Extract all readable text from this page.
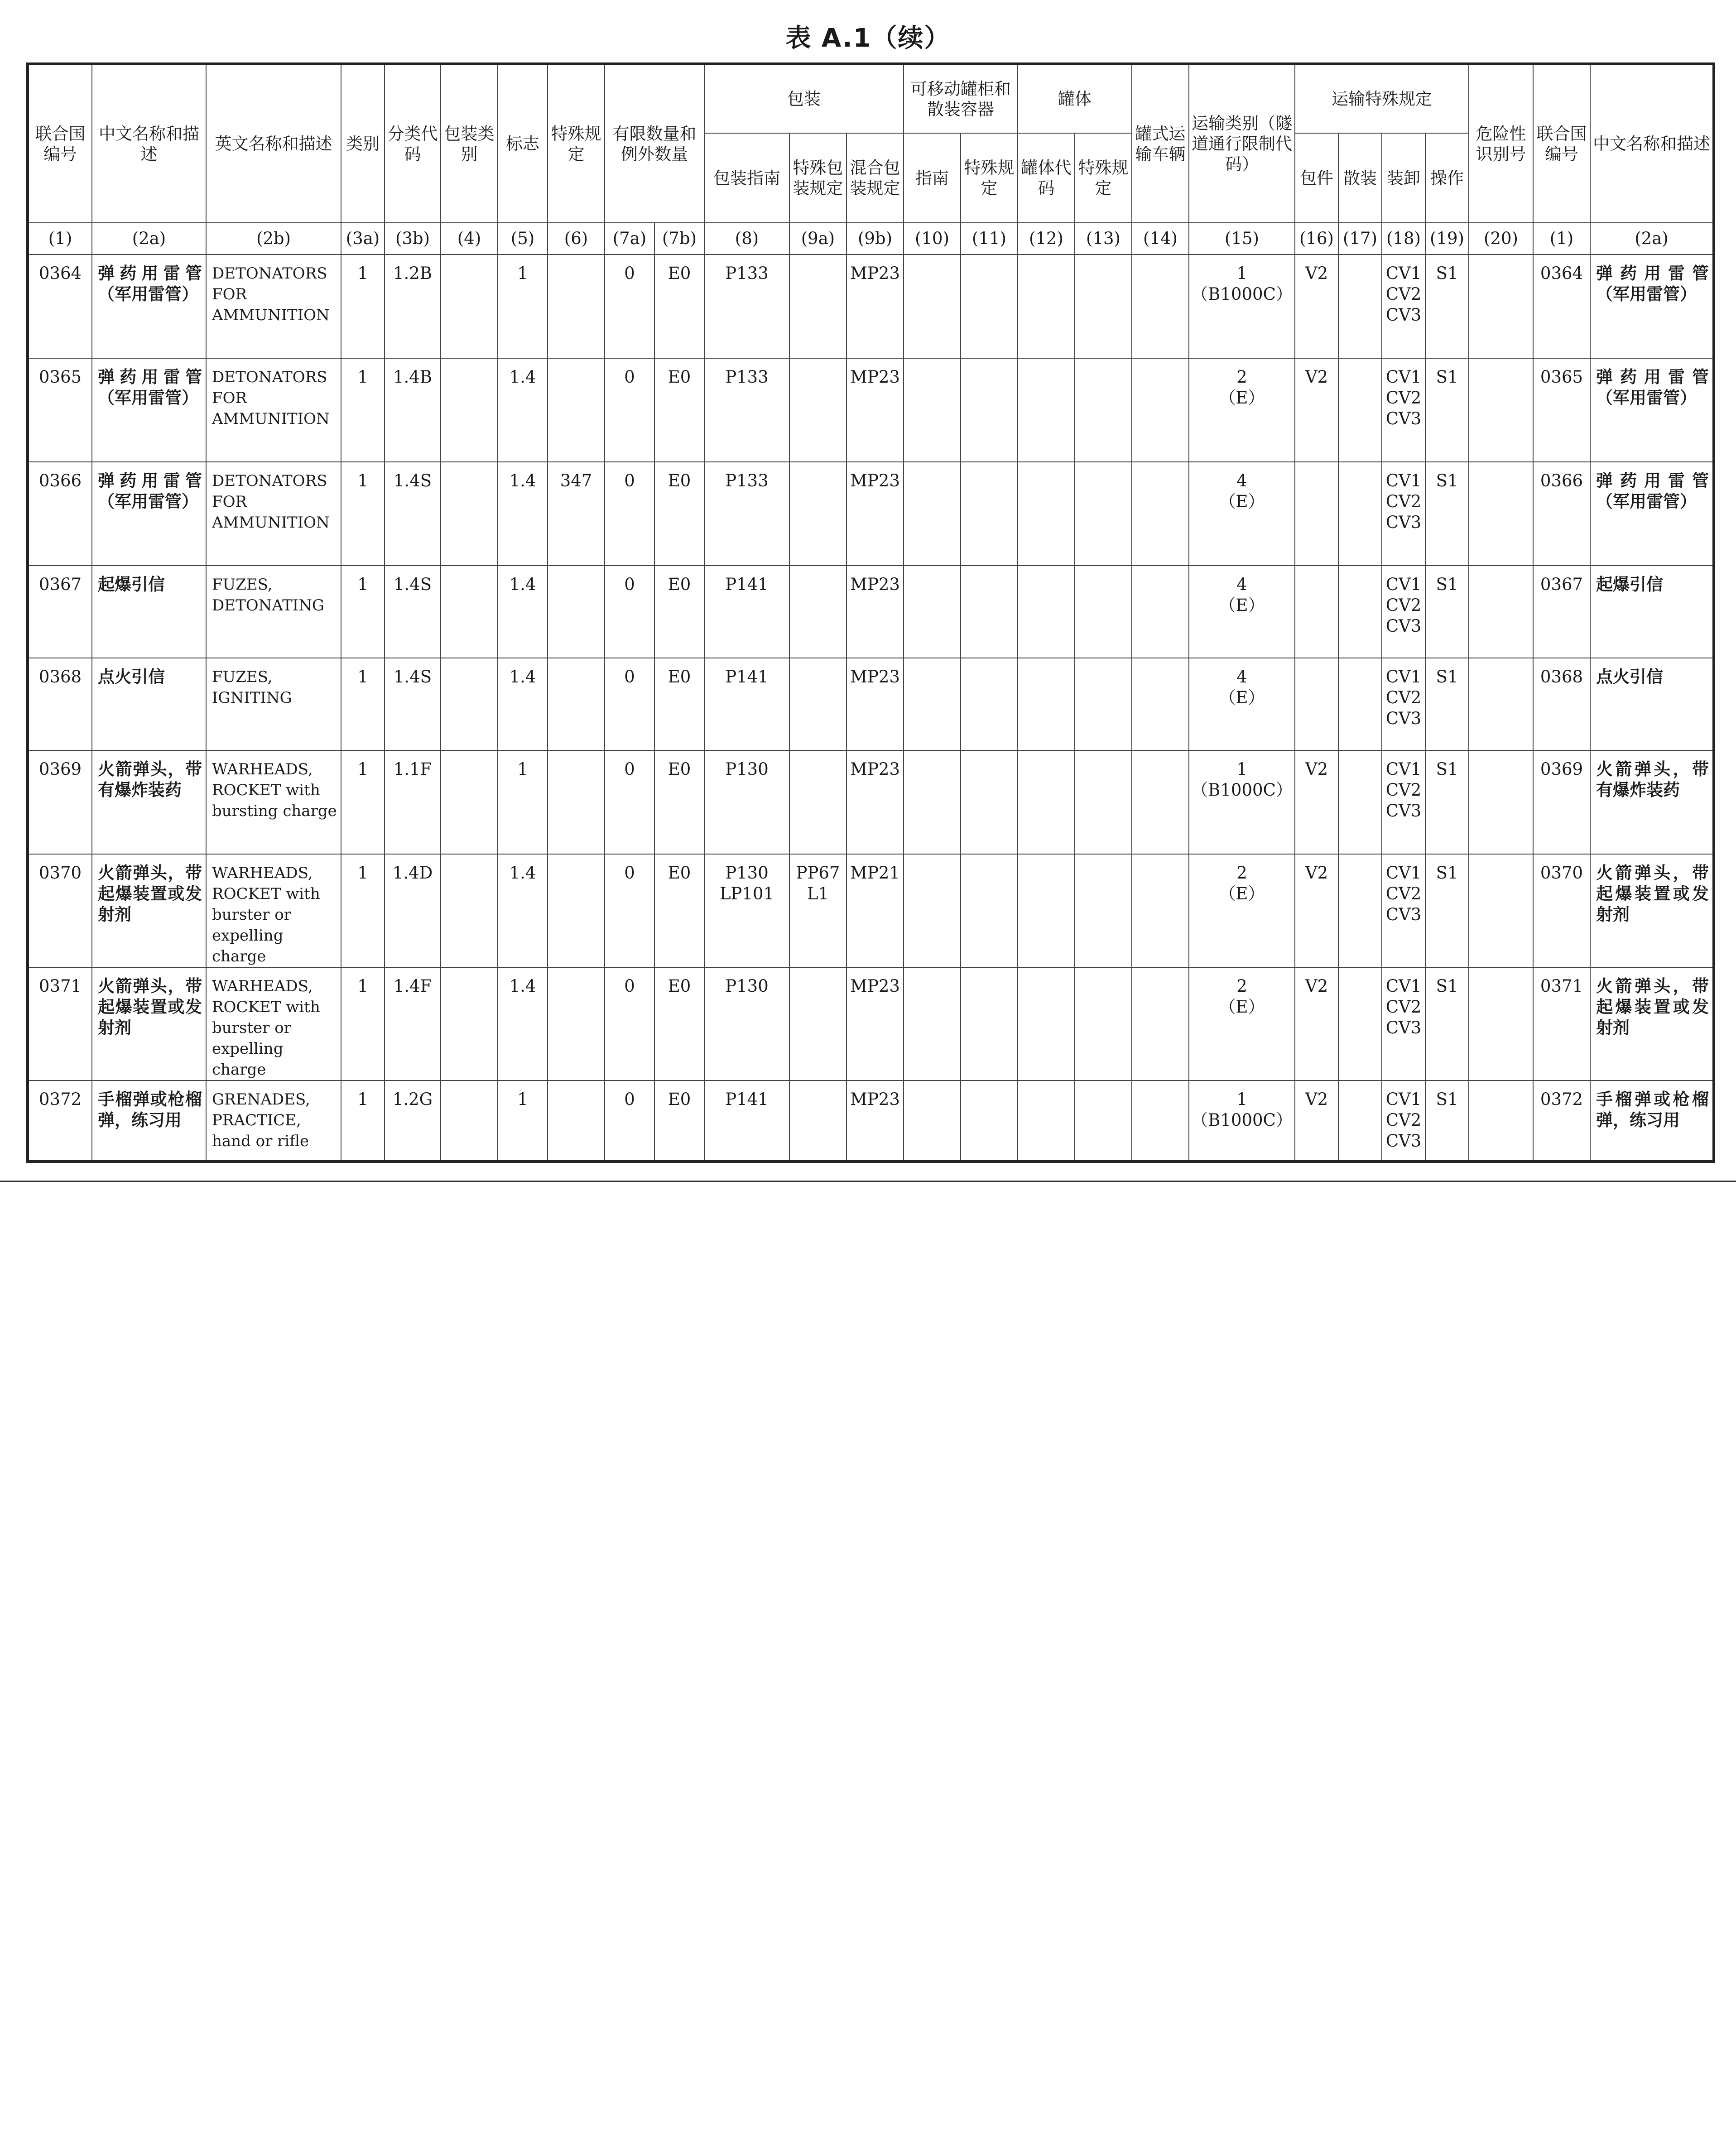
表 A.1（续）
联合国编号	中文名称和描述	英文名称和描述	类别	分类代码	包装类别	标志	特殊规定	有限数量和例外数量		包装			可移动罐柜和散装容器		罐体		罐式运输车辆	运输类别（隧道通行限制代码）	运输特殊规定				危险性识别号	联合国编号	中文名称和描述
										包装指南	特殊包装规定	混合包装规定	指南	特殊规定	罐体代码	特殊规定			包件	散装	装卸	操作			
(1)	(2a)	(2b)	(3a)	(3b)	(4)	(5)	(6)	(7a)	(7b)	(8)	(9a)	(9b)	(10)	(11)	(12)	(13)	(14)	(15)	(16)	(17)	(18)	(19)	(20)	(1)	(2a)
0364	弹药用雷管（军用雷管）	DETONATORS
FOR
AMMUNITION	1	1.2B		1		0	E0	P133		MP23						1
（B1000C）	V2		CV1
CV2
CV3	S1		0364	弹药用雷管（军用雷管）
0365	弹药用雷管（军用雷管）	DETONATORS
FOR
AMMUNITION	1	1.4B		1.4		0	E0	P133		MP23						2
（E）	V2		CV1
CV2
CV3	S1		0365	弹药用雷管（军用雷管）
0366	弹药用雷管（军用雷管）	DETONATORS
FOR
AMMUNITION	1	1.4S		1.4	347	0	E0	P133		MP23						4
（E）			CV1
CV2
CV3	S1		0366	弹药用雷管（军用雷管）
0367	起爆引信	FUZES,
DETONATING	1	1.4S		1.4		0	E0	P141		MP23						4
（E）			CV1
CV2
CV3	S1		0367	起爆引信
0368	点火引信	FUZES,
IGNITING	1	1.4S		1.4		0	E0	P141		MP23						4
（E）			CV1
CV2
CV3	S1		0368	点火引信
0369	火箭弹头，带有爆炸装药	WARHEADS,
ROCKET with
bursting charge	1	1.1F		1		0	E0	P130		MP23						1
（B1000C）	V2		CV1
CV2
CV3	S1		0369	火箭弹头，带有爆炸装药
0370	火箭弹头，带起爆装置或发射剂	WARHEADS,
ROCKET with
burster or
expelling charge	1	1.4D		1.4		0	E0	P130
LP101	PP67
L1	MP21						2
（E）	V2		CV1
CV2
CV3	S1		0370	火箭弹头，带起爆装置或发射剂
0371	火箭弹头，带起爆装置或发射剂	WARHEADS,
ROCKET with
burster or
expelling charge	1	1.4F		1.4		0	E0	P130		MP23						2
（E）	V2		CV1
CV2
CV3	S1		0371	火箭弹头，带起爆装置或发射剂
0372	手榴弹或枪榴弹，练习用	GRENADES,
PRACTICE,
hand or rifle	1	1.2G		1		0	E0	P141		MP23						1
（B1000C）	V2		CV1
CV2
CV3	S1		0372	手榴弹或枪榴弹，练习用
